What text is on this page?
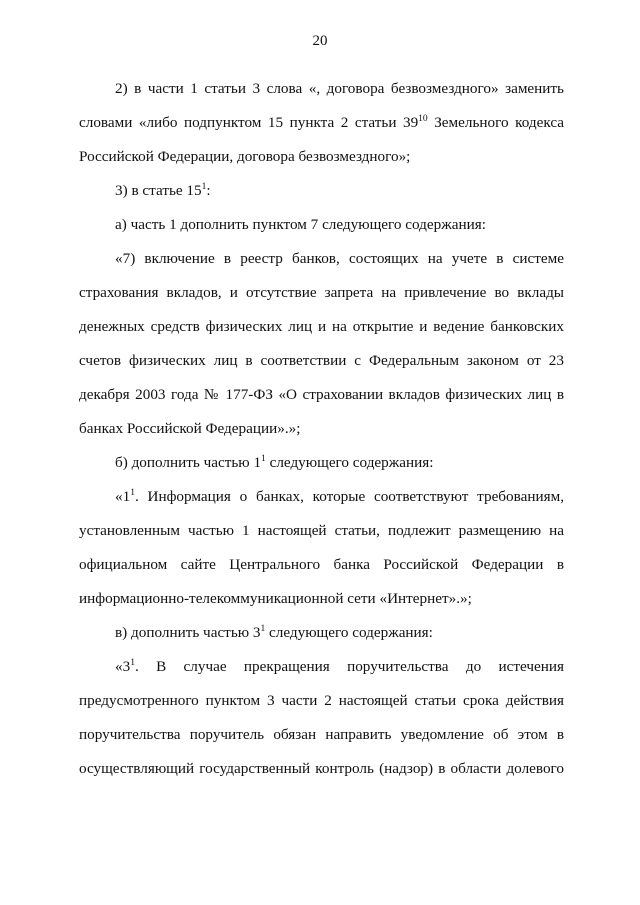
20

2) в части 1 статьи 3 слова «, договора безвозмездного» заменить словами «либо подпунктом 15 пункта 2 статьи $39^{10}$ Земельного кодекса Российской Федерации, договора безвозмездного»;

3) в статье $15^1$:

а) часть 1 дополнить пунктом 7 следующего содержания:

«7) включение в реестр банков, состоящих на учете в системе страхования вкладов, и отсутствие запрета на привлечение во вклады денежных средств физических лиц и на открытие и ведение банковских счетов физических лиц в соответствии с Федеральным законом от 23 декабря 2003 года № 177-ФЗ «О страховании вкладов физических лиц в банках Российской Федерации».»;

б) дополнить частью $1^1$ следующего содержания:

«$1^1$. Информация о банках, которые соответствуют требованиям, установленным частью 1 настоящей статьи, подлежит размещению на официальном сайте Центрального банка Российской Федерации в информационно-телекоммуникационной сети «Интернет».»;

в) дополнить частью $3^1$ следующего содержания:

«$3^1$. В случае прекращения поручительства до истечения предусмотренного пунктом 3 части 2 настоящей статьи срока действия поручительства поручитель обязан направить уведомление об этом в осуществляющий государственный контроль (надзор) в области долевого
